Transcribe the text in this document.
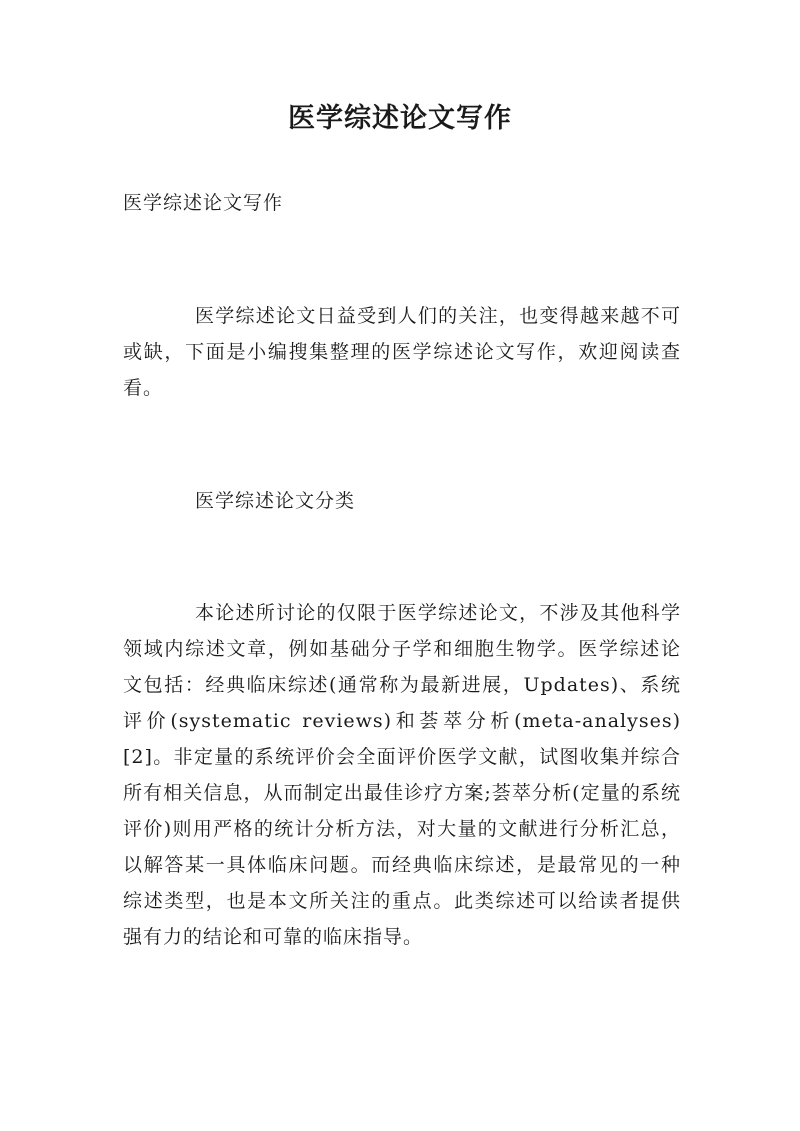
医学综述论文写作
医学综述论文写作

医学综述论文日益受到人们的关注，也变得越来越不可或缺，下面是小编搜集整理的医学综述论文写作，欢迎阅读查看。

医学综述论文分类

本论述所讨论的仅限于医学综述论文，不涉及其他科学领域内综述文章，例如基础分子学和细胞生物学。医学综述论文包括：经典临床综述(通常称为最新进展，Updates)、系统评价(systematic reviews)和荟萃分析(meta-analyses)[2]。非定量的系统评价会全面评价医学文献，试图收集并综合所有相关信息，从而制定出最佳诊疗方案;荟萃分析(定量的系统评价)则用严格的统计分析方法，对大量的文献进行分析汇总，以解答某一具体临床问题。而经典临床综述，是最常见的一种综述类型，也是本文所关注的重点。此类综述可以给读者提供强有力的结论和可靠的临床指导。
